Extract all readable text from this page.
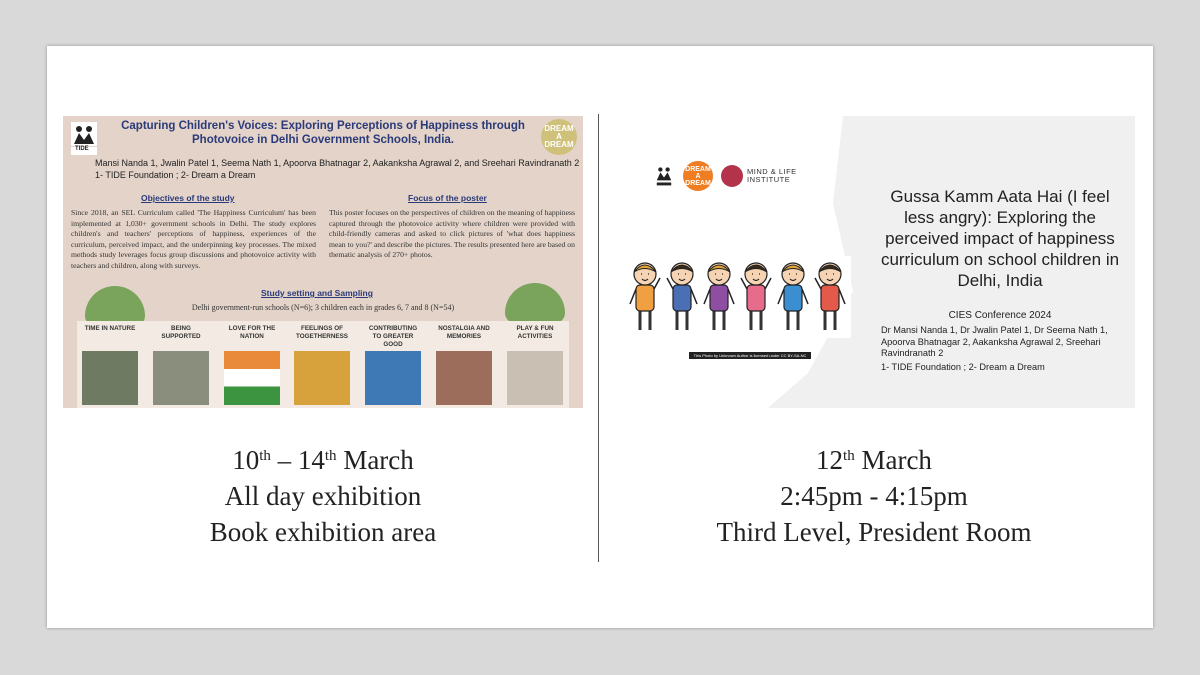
TIDE
DREAM A DREAM
Capturing Children's Voices: Exploring Perceptions of Happiness through Photovoice in Delhi Government Schools, India.
Mansi Nanda 1, Jwalin Patel 1, Seema Nath 1, Apoorva Bhatnagar 2, Aakanksha Agrawal 2, and Sreehari Ravindranath 2
1- TIDE Foundation ; 2- Dream a Dream
Objectives of the study
Since 2018, an SEL Curriculum called 'The Happiness Curriculum' has been implemented at 1,030+ government schools in Delhi. The study explores children's and teachers' perceptions of happiness, experiences of the curriculum, perceived impact, and the underpinning key processes. The mixed methods study leverages focus group discussions and photovoice activity with teachers and children, along with surveys.
Focus of the poster
This poster focuses on the perspectives of children on the meaning of happiness captured through the photovoice activity where children were provided with child-friendly cameras and asked to click pictures of 'what does happiness mean to you?' and describe the pictures. The results presented here are based on thematic analysis of 270+ photos.
Study setting and Sampling
Delhi government-run schools (N=6); 3 children each in grades 6, 7 and 8 (N=54)
TIME IN NATURE	BEING SUPPORTED
LOVE FOR THE NATION
FEELINGS OF TOGETHERNESS
CONTRIBUTING TO GREATER GOOD
NOSTALGIA AND MEMORIES
PLAY & FUN ACTIVITIES
DREAM A DREAM
MIND & LIFE
INSTITUTE
This Photo by Unknown Author is licensed under CC BY-SA-NC
Gussa Kamm Aata Hai (I feel less angry): Exploring the perceived impact of happiness curriculum on school children in Delhi, India
CIES Conference 2024
Dr Mansi Nanda 1, Dr Jwalin Patel 1, Dr Seema Nath 1, Apoorva Bhatnagar 2, Aakanksha Agrawal 2, Sreehari Ravindranath 2
1- TIDE Foundation ; 2- Dream a Dream
10th – 14th March
All day exhibition
Book exhibition area
12th March
2:45pm - 4:15pm
Third Level, President Room
